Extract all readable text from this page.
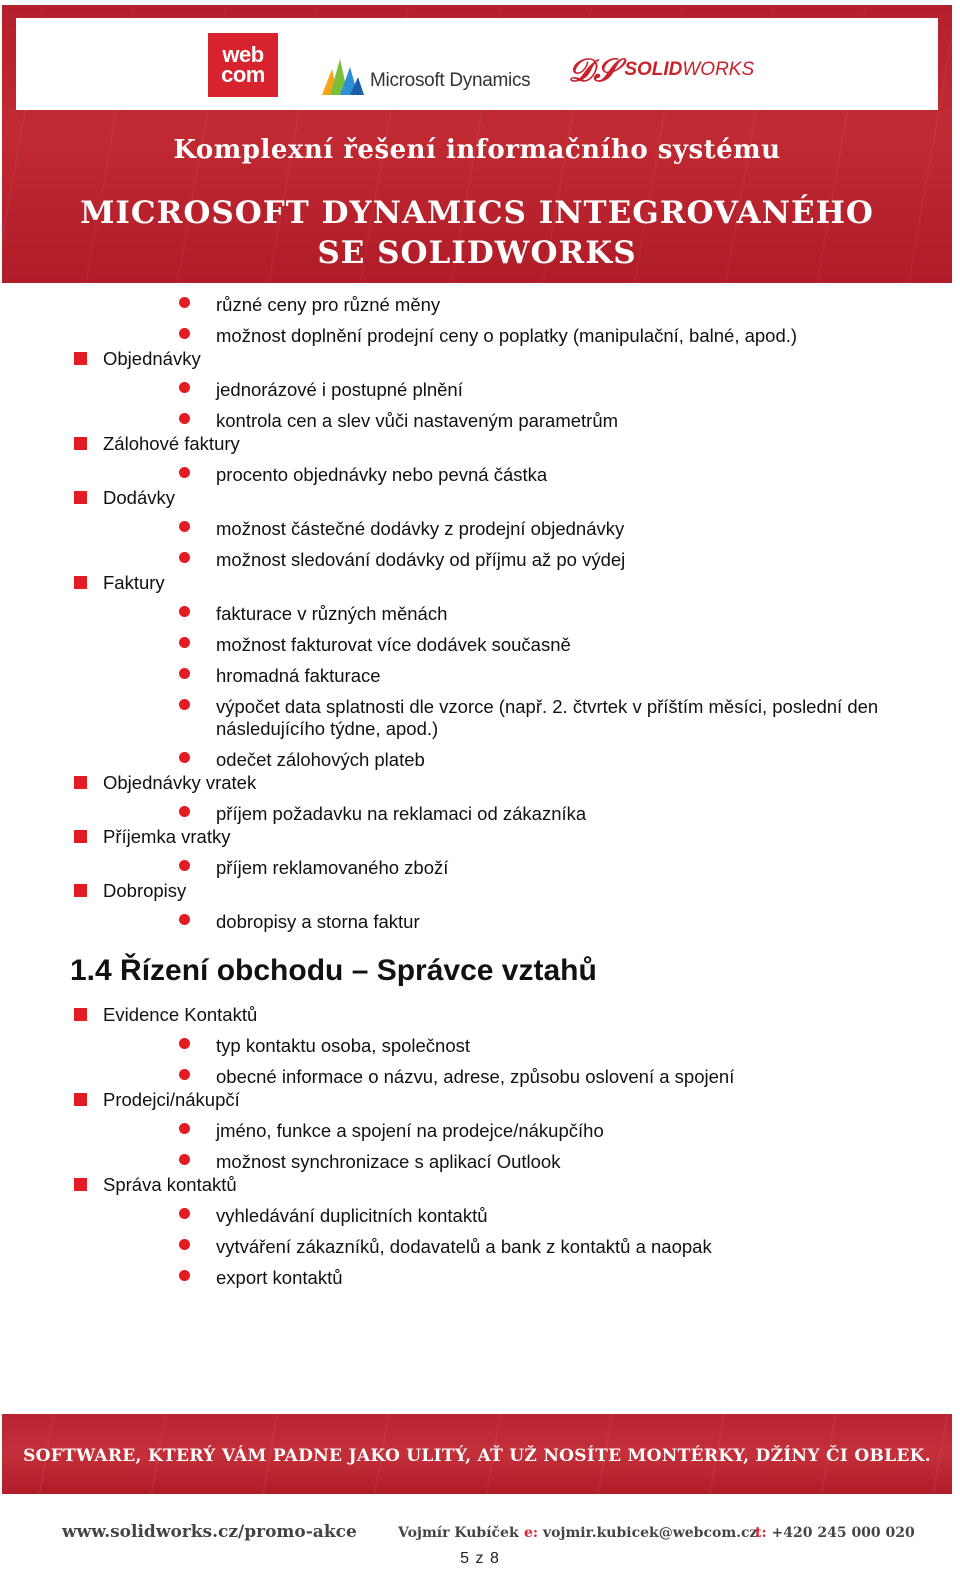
web
com	Microsoft Dynamics 𝒟𝒮 SOLIDWORKS
Komplexní řešení informačního systému
MICROSOFT DYNAMICS INTEGROVANÉHO
SE SOLIDWORKS
různé ceny pro různé měny
možnost doplnění prodejní ceny o poplatky (manipulační, balné, apod.)
Objednávky
jednorázové i postupné plnění
kontrola cen a slev vůči nastaveným parametrům
Zálohové faktury
procento objednávky nebo pevná částka
Dodávky
možnost částečné dodávky z prodejní objednávky
možnost sledování dodávky od příjmu až po výdej
Faktury
fakturace v různých měnách
možnost fakturovat více dodávek současně
hromadná fakturace
výpočet data splatnosti dle vzorce (např. 2. čtvrtek v příštím měsíci, poslední den následujícího týdne, apod.)
odečet zálohových plateb
Objednávky vratek
příjem požadavku na reklamaci od zákazníka
Příjemka vratky
příjem reklamovaného zboží
Dobropisy
dobropisy a storna faktur
1.4 Řízení obchodu – Správce vztahů
Evidence Kontaktů
typ kontaktu osoba, společnost
obecné informace o názvu, adrese, způsobu oslovení a spojení
Prodejci/nákupčí
jméno, funkce a spojení na prodejce/nákupčího
možnost synchronizace s aplikací Outlook
Správa kontaktů
vyhledávání duplicitních kontaktů
vytváření zákazníků, dodavatelů a bank z kontaktů a naopak
export kontaktů
SOFTWARE, KTERÝ VÁM PADNE JAKO ULITÝ, AŤ UŽ NOSÍTE MONTÉRKY, DŽÍNY ČI OBLEK.
www.solidworks.cz/promo-akce	Vojmír Kubíček e: vojmir.kubicek@webcom.cz
t: +420 245 000 020
5 z 8
